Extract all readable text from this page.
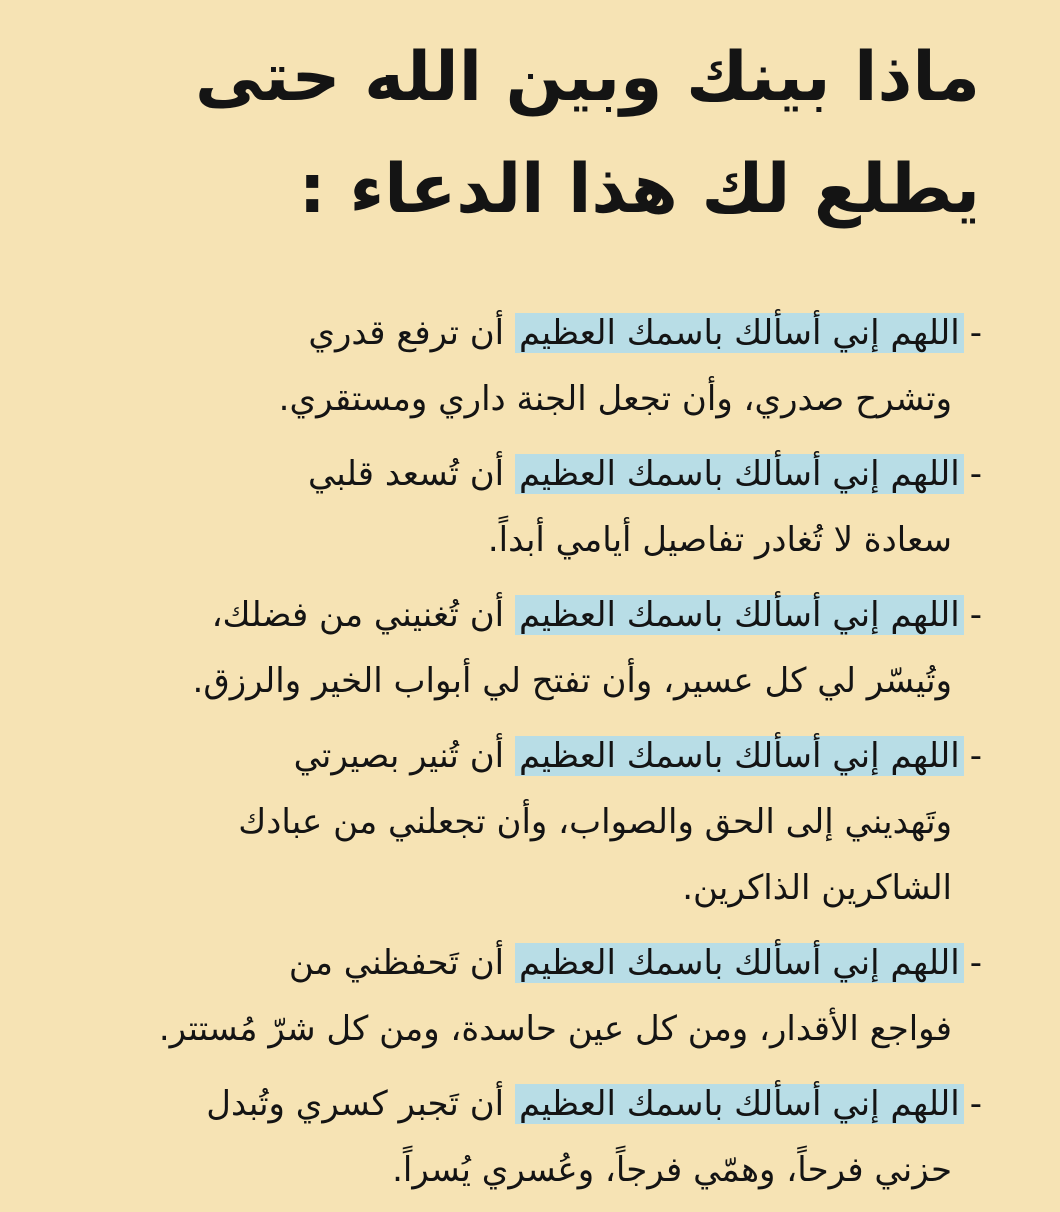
ماذا بينك وبين الله حتى
يطلع لك هذا الدعاء :

-اللهم إني أسألك باسمك العظيم أن ترفع قدري
وتشرح صدري، وأن تجعل الجنة داري ومستقري.

-اللهم إني أسألك باسمك العظيم أن تُسعد قلبي
سعادة لا تُغادر تفاصيل أيامي أبداً.

-اللهم إني أسألك باسمك العظيم أن تُغنيني من فضلك،
وتُيسّر لي كل عسير، وأن تفتح لي أبواب الخير والرزق.

-اللهم إني أسألك باسمك العظيم أن تُنير بصيرتي
وتَهديني إلى الحق والصواب، وأن تجعلني من عبادك
الشاكرين الذاكرين.

-اللهم إني أسألك باسمك العظيم أن تَحفظني من
فواجع الأقدار، ومن كل عين حاسدة، ومن كل شرّ مُستتر.

-اللهم إني أسألك باسمك العظيم أن تَجبر كسري وتُبدل
حزني فرحاً، وهمّي فرجاً، وعُسري يُسراً.
